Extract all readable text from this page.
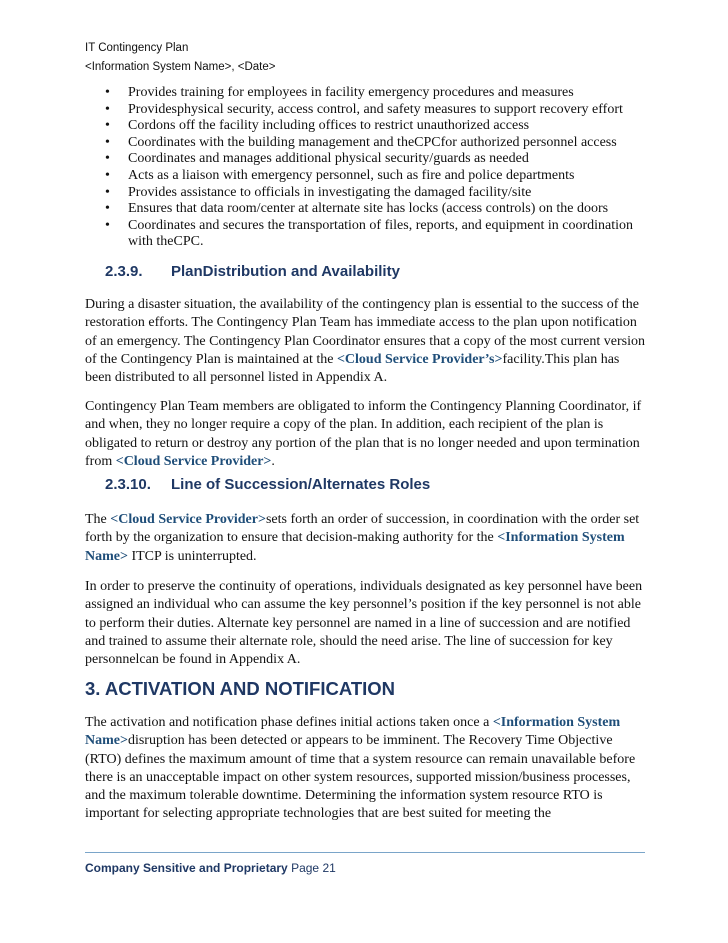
IT Contingency Plan
<Information System Name>, <Date>
• Provides training for employees in facility emergency procedures and measures
• Providesphysical security, access control, and safety measures to support recovery effort
• Cordons off the facility including offices to restrict unauthorized access
• Coordinates with the building management and theCPCfor authorized personnel access
• Coordinates and manages additional physical security/guards as needed
• Acts as a liaison with emergency personnel, such as fire and police departments
• Provides assistance to officials in investigating the damaged facility/site
• Ensures that data room/center at alternate site has locks (access controls) on the doors
• Coordinates and secures the transportation of files, reports, and equipment in coordination with theCPC.
2.3.9. PlanDistribution and Availability
During a disaster situation, the availability of the contingency plan is essential to the success of the restoration efforts. The Contingency Plan Team has immediate access to the plan upon notification of an emergency. The Contingency Plan Coordinator ensures that a copy of the most current version of the Contingency Plan is maintained at the <Cloud Service Provider’s>facility.This plan has been distributed to all personnel listed in Appendix A.
Contingency Plan Team members are obligated to inform the Contingency Planning Coordinator, if and when, they no longer require a copy of the plan. In addition, each recipient of the plan is obligated to return or destroy any portion of the plan that is no longer needed and upon termination from <Cloud Service Provider>.
2.3.10. Line of Succession/Alternates Roles
The <Cloud Service Provider>sets forth an order of succession, in coordination with the order set forth by the organization to ensure that decision-making authority for the <Information System Name> ITCP is uninterrupted.
In order to preserve the continuity of operations, individuals designated as key personnel have been assigned an individual who can assume the key personnel’s position if the key personnel is not able to perform their duties. Alternate key personnel are named in a line of succession and are notified and trained to assume their alternate role, should the need arise. The line of succession for key personnelcan be found in Appendix A.
3. ACTIVATION AND NOTIFICATION
The activation and notification phase defines initial actions taken once a <Information System Name>disruption has been detected or appears to be imminent. The Recovery Time Objective (RTO) defines the maximum amount of time that a system resource can remain unavailable before there is an unacceptable impact on other system resources, supported mission/business processes, and the maximum tolerable downtime. Determining the information system resource RTO is important for selecting appropriate technologies that are best suited for meeting the
Company Sensitive and Proprietary Page 21
